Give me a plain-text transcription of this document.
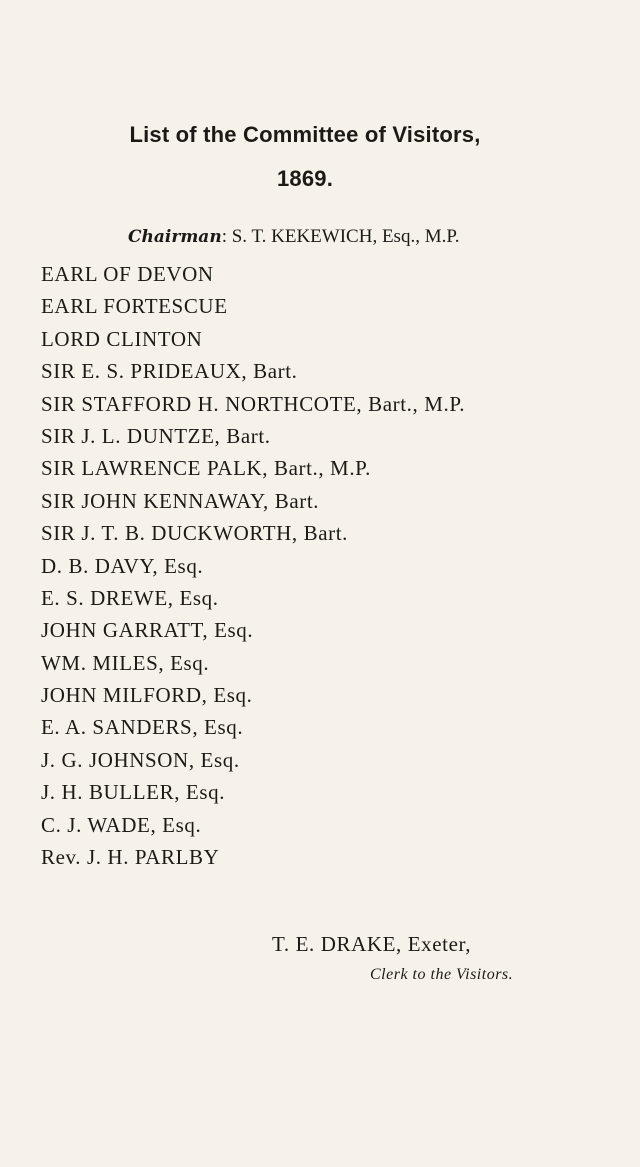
List of the Committee of Visitors,
1869.
Chairman: S. T. KEKEWICH, Esq., M.P.
EARL OF DEVON
EARL FORTESCUE
LORD CLINTON
SIR E. S. PRIDEAUX, Bart.
SIR STAFFORD H. NORTHCOTE, Bart., M.P.
SIR J. L. DUNTZE, Bart.
SIR LAWRENCE PALK, Bart., M.P.
SIR JOHN KENNAWAY, Bart.
SIR J. T. B. DUCKWORTH, Bart.
D. B. DAVY, Esq.
E. S. DREWE, Esq.
JOHN GARRATT, Esq.
WM. MILES, Esq.
JOHN MILFORD, Esq.
E. A. SANDERS, Esq.
J. G. JOHNSON, Esq.
J. H. BULLER, Esq.
C. J. WADE, Esq.
Rev. J. H. PARLBY
T. E. DRAKE, Exeter,
Clerk to the Visitors.
